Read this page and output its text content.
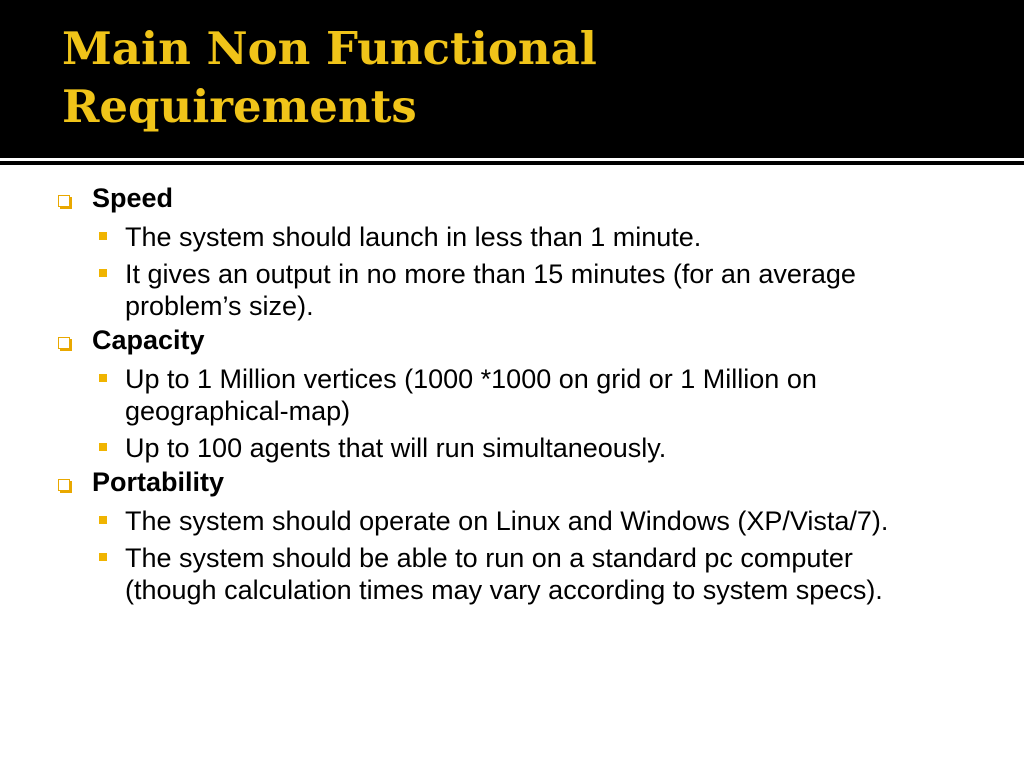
Main Non Functional
Requirements
Speed

The system should launch in less than 1 minute.

It gives an output in no more than 15 minutes (for an average problem’s size).

Capacity

Up to 1 Million vertices (1000 *1000 on grid or 1 Million on geographical-map)

Up to 100 agents that will run simultaneously.

Portability

The system should operate on Linux and Windows (XP/Vista/7).

The system should be able to run on a standard pc computer (though calculation times may vary according to system specs).
